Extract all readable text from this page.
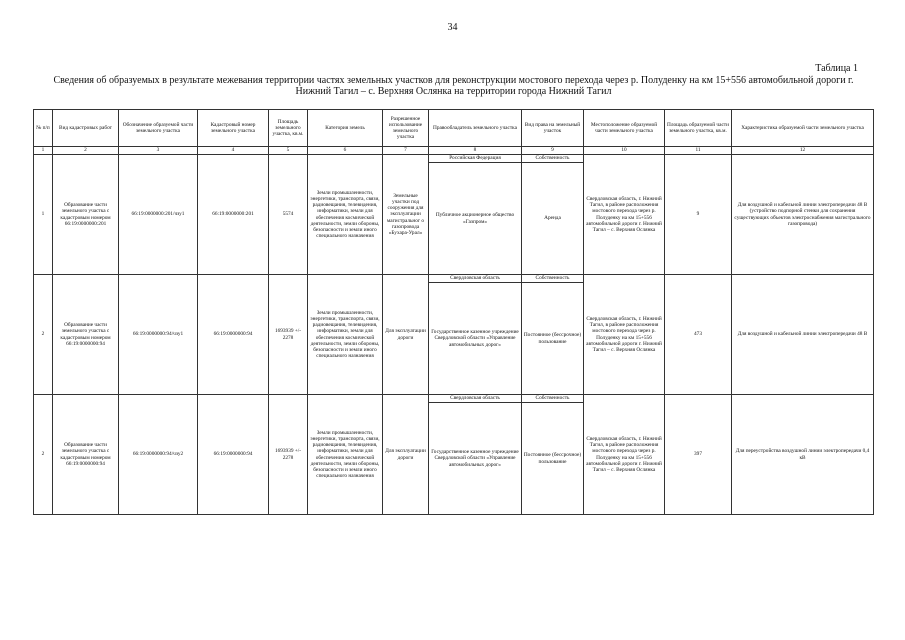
34
Таблица 1
Сведения об образуемых в результате межевания территории частях земельных участков для реконструкции мостового перехода через р. Полуденку на км 15+556 автомобильной дороги г. Нижний Тагил – с. Верхняя Ослянка на территории города Нижний Тагил
№ п/п	Вид кадастровых работ	Обозначение образуемой части земельного участка	Кадастровый номер земельного участка	Площадь земельного участка, кв.м.	Категория земель	Разрешенное использование земельного участка	Правообладатель земельного участка	Вид права на земельный участок	Местоположение образуемой части земельного участка	Площадь образуемой части земельного участка, кв.м.	Характеристика образуемой части земельного участка
1	2	3	4	5	6	7	8	9	10	11	12
1	Образование части земельного участка с кадастровым номером 66:19:0000000:201	66:19:0000000:201/чзу1	66:19:0000000:201	5574	Земли промышленности, энергетики, транспорта, связи, радиовещания, телевидения, информатики, земли для обеспечения космической деятельности, земли обороны, безопасности и земли иного специального назначения	Земельные участки под сооружения для эксплуатации магистральног о газопровода «Бухара-Урал»	Российская Федерация	Собственность	Свердловская область, г. Нижний Тагил, в районе расположения мостового перехода через р. Полуденку на км 15+556 автомобильной дороги г. Нижний Тагил – с. Верхняя Ослянка	9	Для воздушной и кабельной линии электропередачи 48 В (устройство подпорной стенки для сохранения существующих объектов электроснабжения магистрального газопровода)
							Публичное акционерное общество «Газпром»	Аренда			
2	Образование части земельного участка с кадастровым номером 66:19:0000000:94	66:19:0000000:94/чзу1	66:19:0000000:94	1693939 +/- 2278	Земли промышленности, энергетики, транспорта, связи, радиовещания, телевидения, информатики, земли для обеспечения космической деятельности, земли обороны, безопасности и земли иного специального назначения	Для эксплуатации дороги	Свердловская область	Собственность	Свердловская область, г. Нижний Тагил, в районе расположения мостового перехода через р. Полуденку на км 15+556 автомобильной дороги г. Нижний Тагил – с. Верхняя Ослянка	473	Для воздушной и кабельной линии электропередачи 48 В
							Государственное казенное учреждение Свердловской области «Управление автомобильных дорог»	Постоянное (бессрочное) пользование			
2	Образование части земельного участка с кадастровым номером 66:19:0000000:94	66:19:0000000:94/чзу2	66:19:0000000:94	1693939 +/- 2278	Земли промышленности, энергетики, транспорта, связи, радиовещания, телевидения, информатики, земли для обеспечения космической деятельности, земли обороны, безопасности и земли иного специального назначения	Для эксплуатации дороги	Свердловская область	Собственность	Свердловская область, г. Нижний Тагил, в районе расположения мостового перехода через р. Полуденку на км 15+556 автомобильной дороги г. Нижний Тагил – с. Верхняя Ослянка	397	Для переустройства воздушной линии электропередачи 0,4 кВ
							Государственное казенное учреждение Свердловской области «Управление автомобильных дорог»	Постоянное (бессрочное) пользование			
